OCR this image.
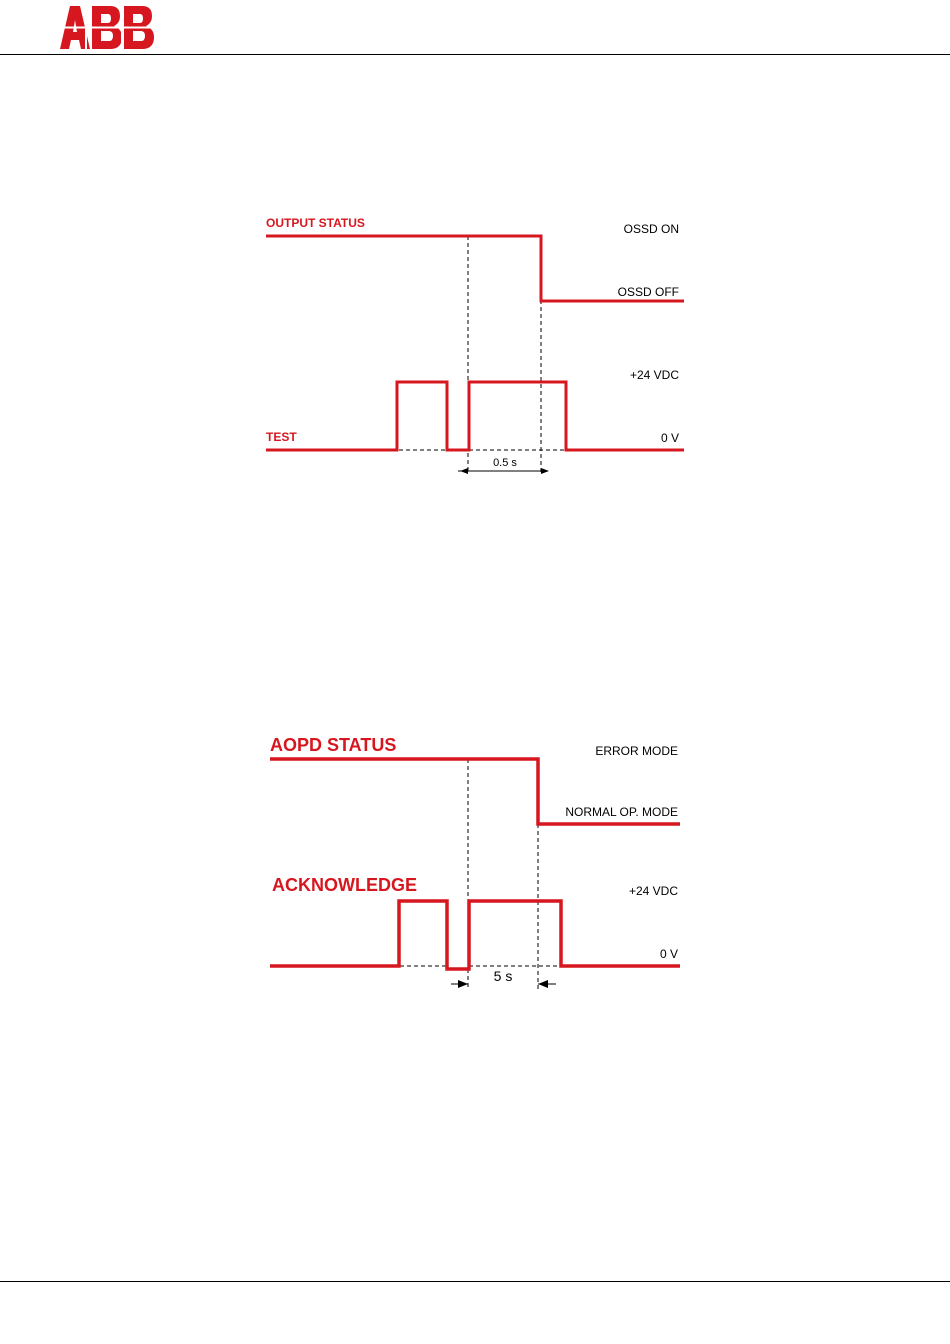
OUTPUT STATUS
TEST
OSSD ON
OSSD OFF
+24 VDC
0 V
0.5 s
AOPD STATUS
ACKNOWLEDGE
ERROR MODE
NORMAL OP. MODE
+24 VDC
0 V
5 s
